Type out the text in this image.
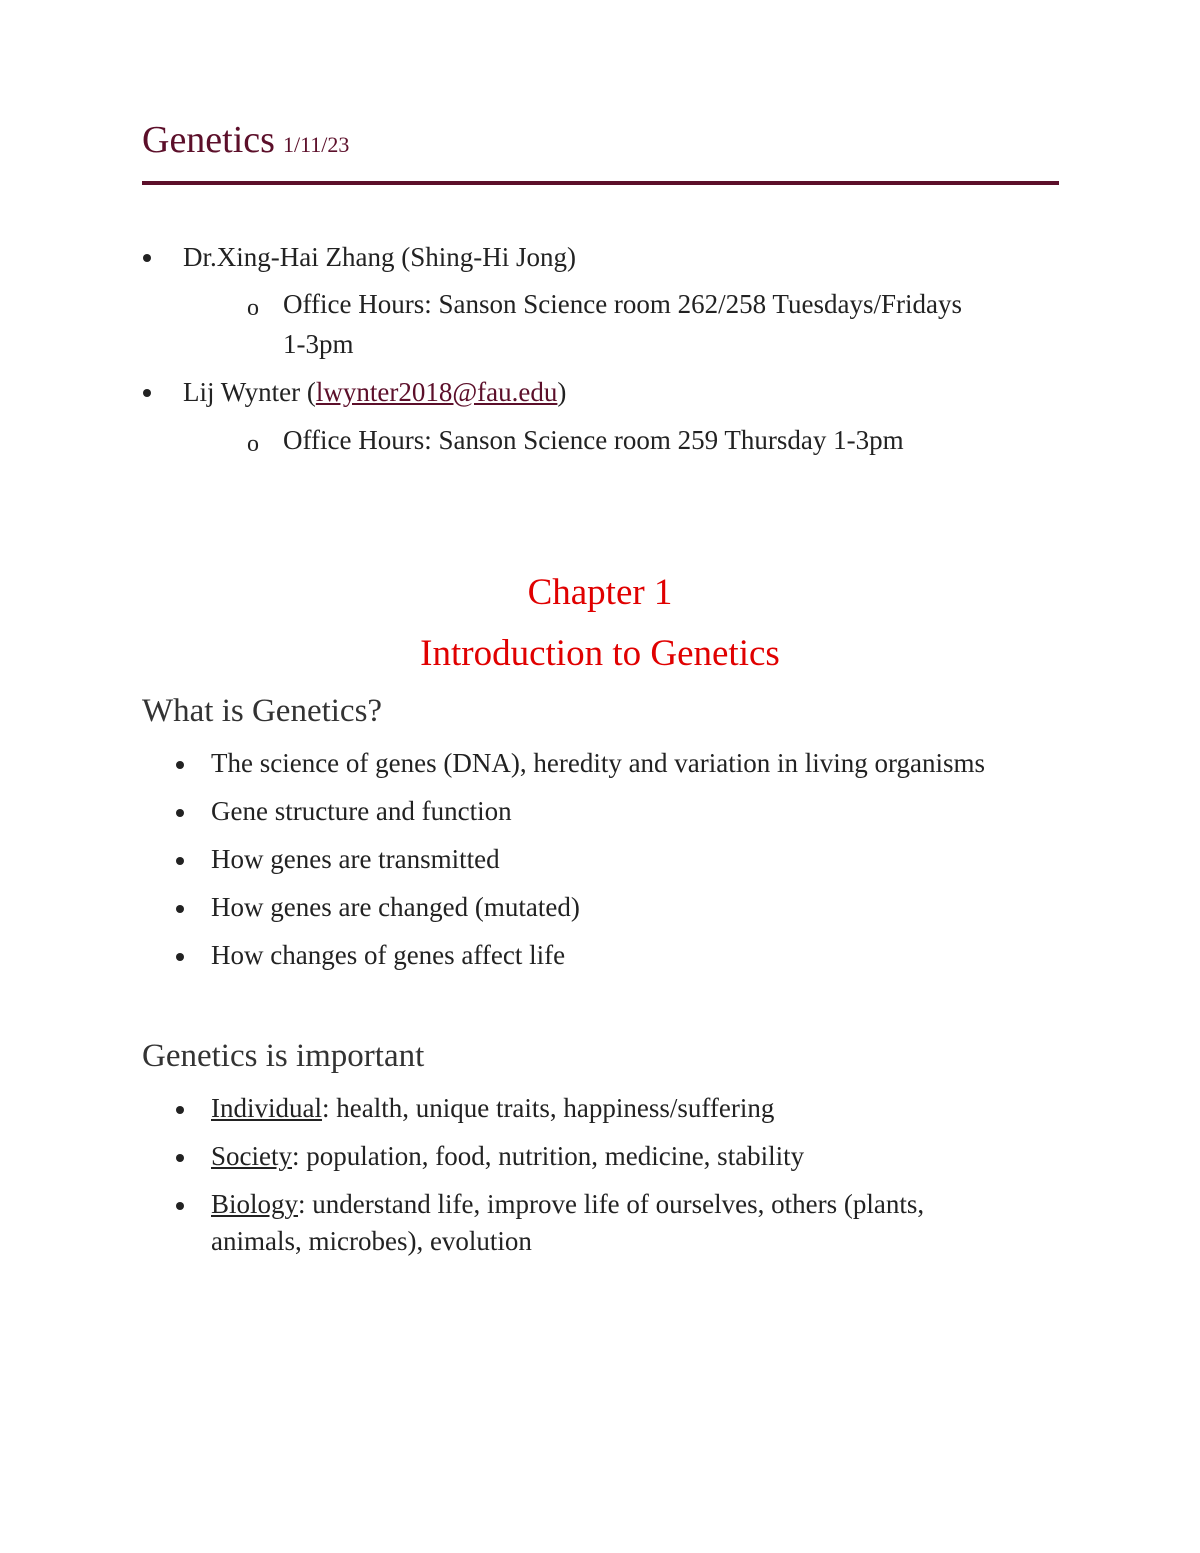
Genetics 1/11/23
Dr.Xing-Hai Zhang (Shing-Hi Jong)
o Office Hours: Sanson Science room 262/258 Tuesdays/Fridays
1-3pm
Lij Wynter (lwynter2018@fau.edu)
o Office Hours: Sanson Science room 259 Thursday 1-3pm
Chapter 1
Introduction to Genetics
What is Genetics?
The science of genes (DNA), heredity and variation in living organisms
Gene structure and function
How genes are transmitted
How genes are changed (mutated)
How changes of genes affect life
Genetics is important
Individual: health, unique traits, happiness/suffering
Society: population, food, nutrition, medicine, stability
Biology: understand life, improve life of ourselves, others (plants,
animals, microbes), evolution
